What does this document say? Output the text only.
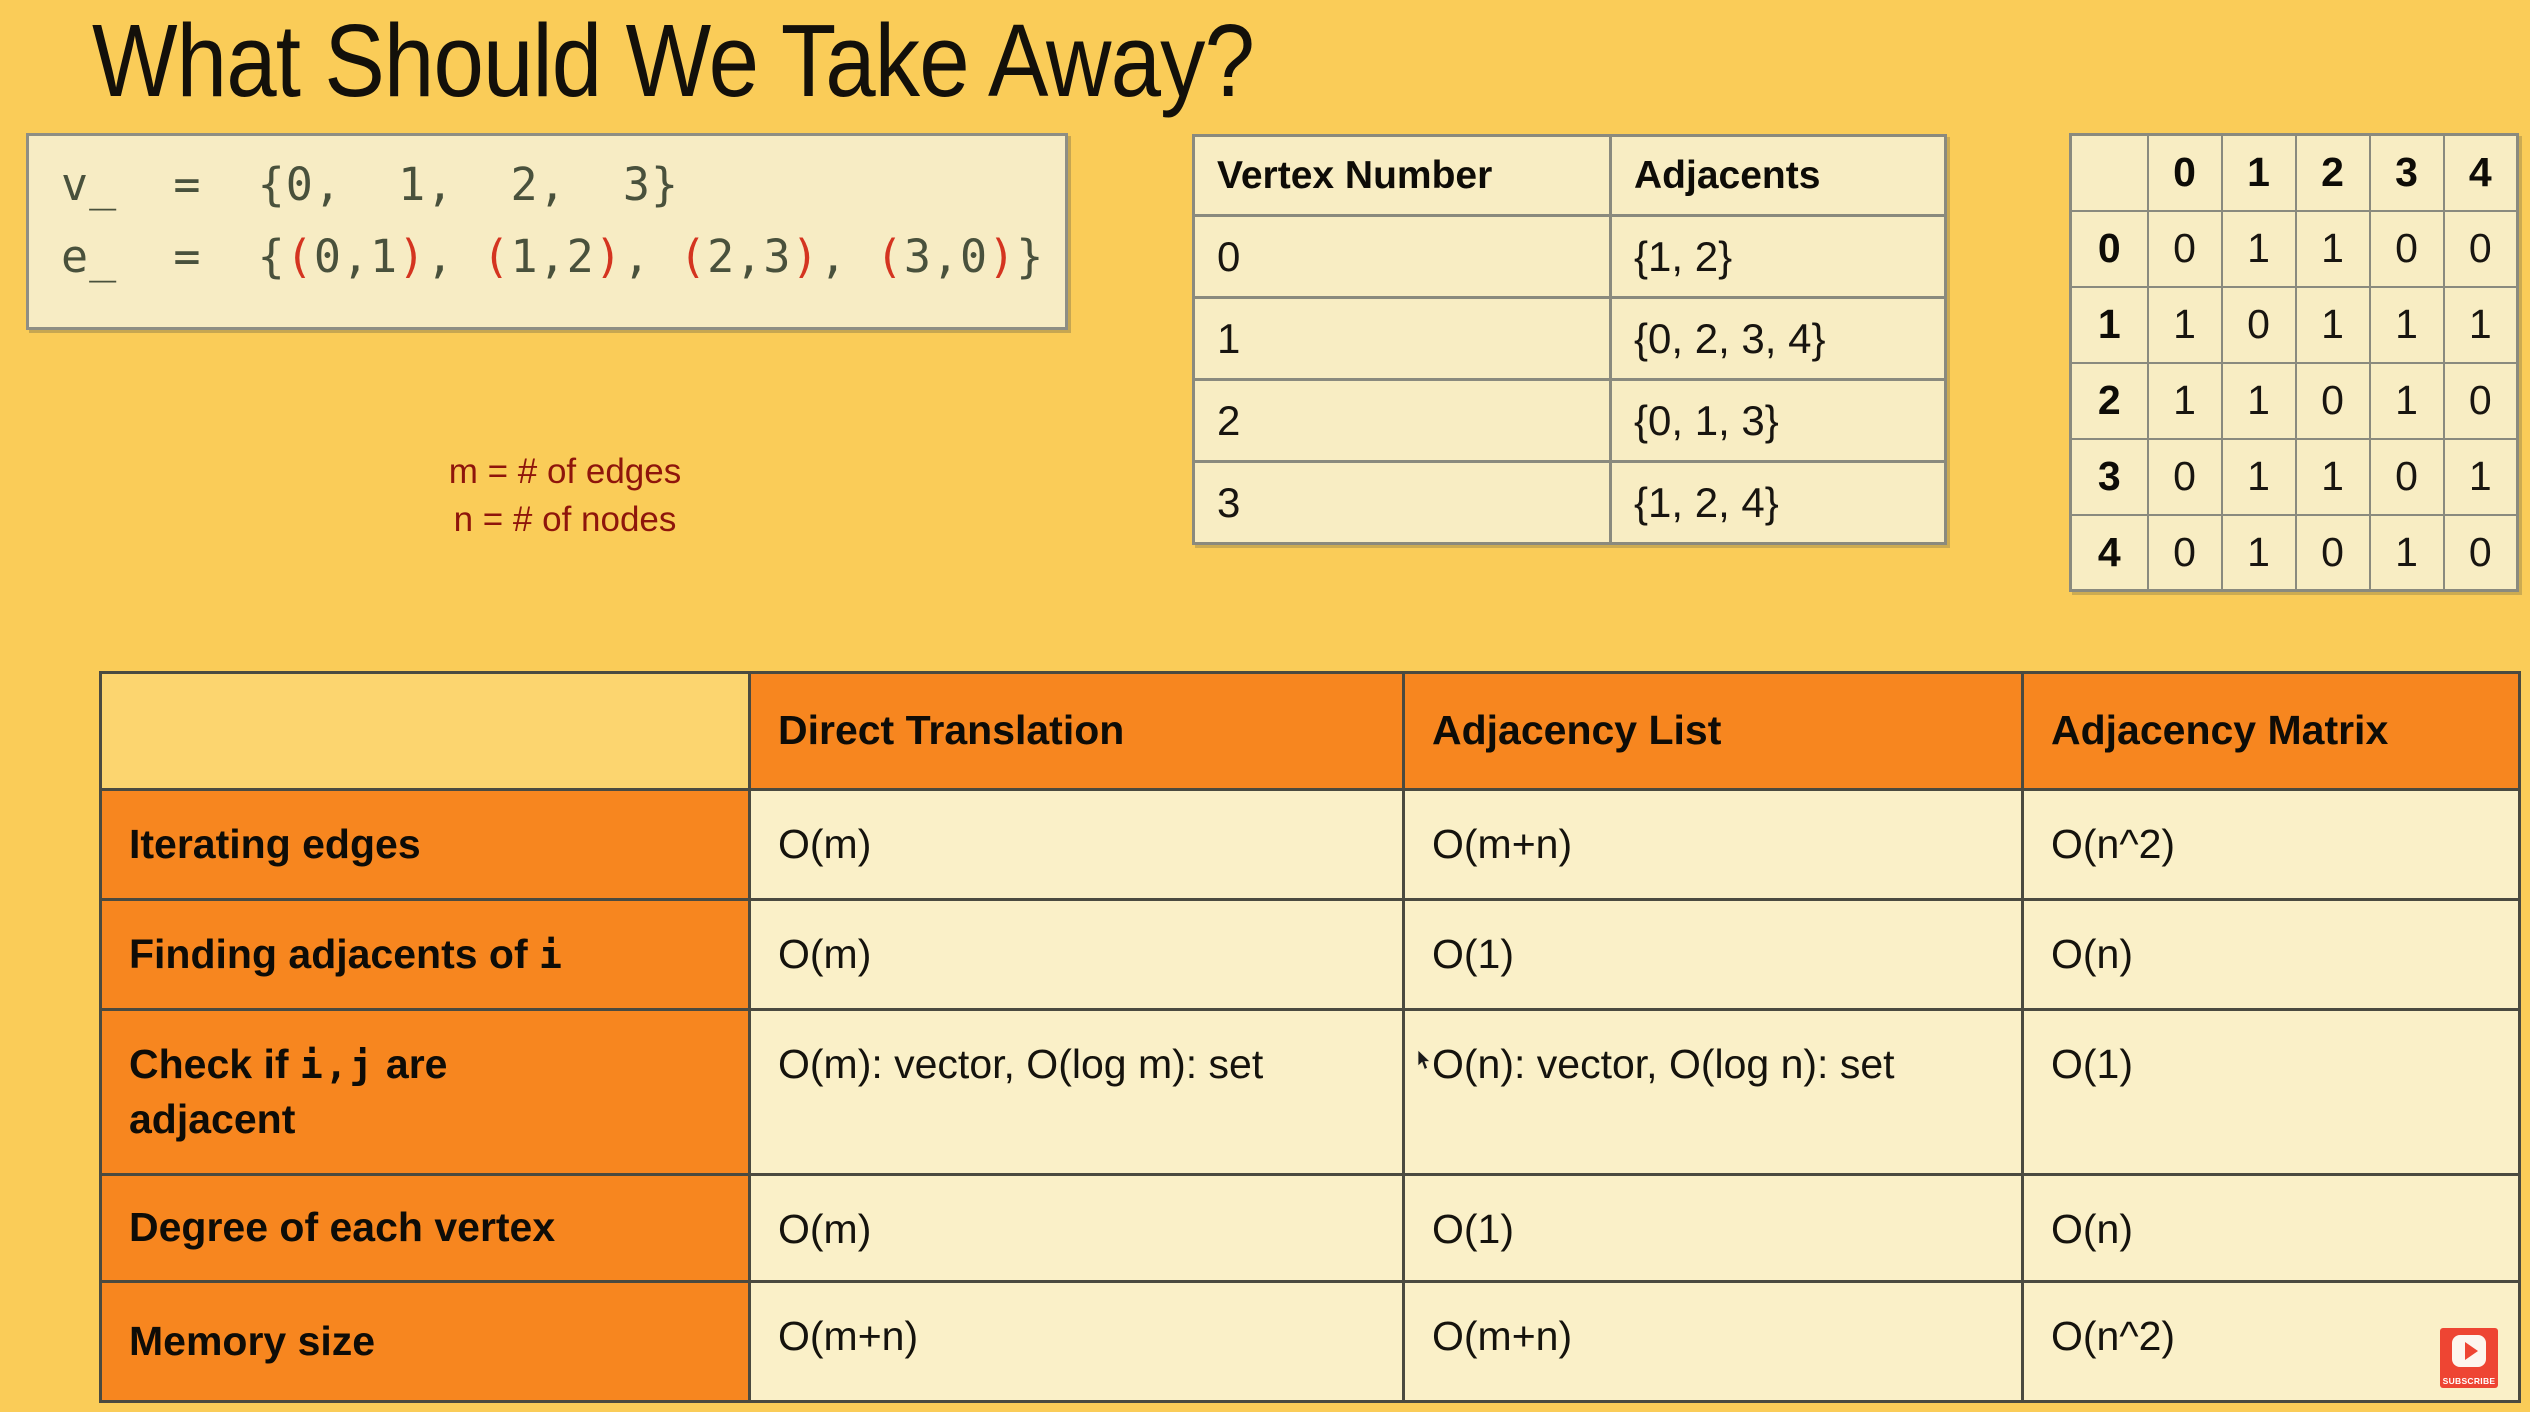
What Should We Take Away?
v_  =  {0,  1,  2,  3}
e_  =  {(0,1), (1,2), (2,3), (3,0)}
m = # of edges
n = # of nodes
Vertex Number	Adjacents
0	{1, 2}
1	{0, 2, 3, 4}
2	{0, 1, 3}
3	{1, 2, 4}
	0	1	2	3	4
0	0	1	1	0	0
1	1	0	1	1	1
2	1	1	0	1	0
3	0	1	1	0	1
4	0	1	0	1	0
	Direct Translation	Adjacency List	Adjacency Matrix
Iterating edges	O(m)	O(m+n)	O(n^2)
Finding adjacents of i	O(m)	O(1)	O(n)
Check if i,j are
adjacent	O(m): vector, O(log m): set	O(n): vector, O(log n): set	O(1)
Degree of each vertex	O(m)	O(1)	O(n)
Memory size	O(m+n)	O(m+n)	O(n^2)
SUBSCRIBE
